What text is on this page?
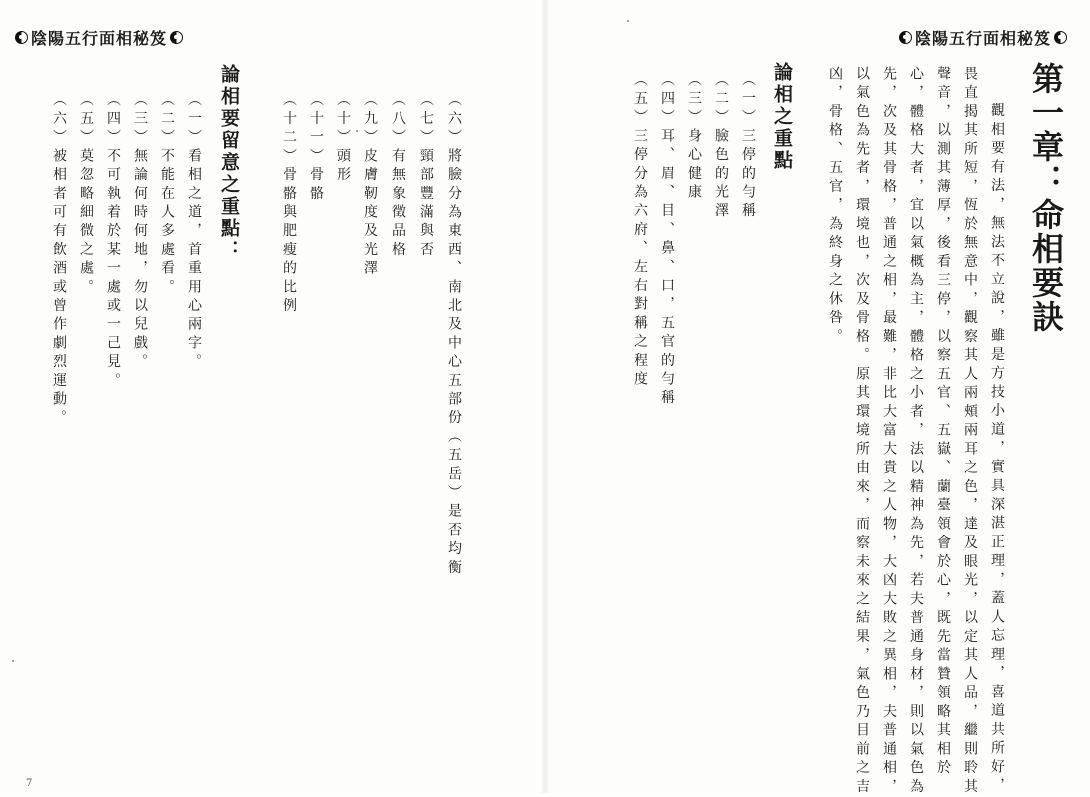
陰陽五行面相秘笈	陰陽五行面相秘笈
（六）將臉分為東西、南北及中心五部份（五岳）是否均衡
（七）頸部豐滿與否
（八）有無象徵品格
（九）皮膚靭度及光澤
（十）頭形
（十一）骨骼
（十二）骨骼與肥瘦的比例
論相要留意之重點：
（一）看相之道，首重用心兩字。
（二）不能在人多處看。
（三）無論何時何地，勿以兒戲。
（四）不可執着於某一處或一己見。
（五）莫忽略細微之處。
（六）被相者可有飲酒或曾作劇烈運動。
7
第一章：命相要訣
　觀相要有法，無法不立說，雖是方技小道，實具深湛正理，蓋人忘理，喜道共所好，
畏直揭其所短，恆於無意中，觀察其人兩頰兩耳之色，達及眼光，以定其人品，繼則聆其
聲音，以測其薄厚，後看三停，以察五官、五嶽、蘭臺領會於心，既先當贊領略其相於
心，體格大者，宜以氣概為主，體格之小者，法以精神為先，若夫普通身材，則以氣色為
先，次及其骨格，普通之相，最難，非比大富大貴之人物，大凶大敗之異相，夫普通相，
以氣色為先者，環境也，次及骨格。原其環境所由來，而察未來之結果，氣色乃目前之吉
凶，骨格、五官，為終身之休咎。
論相之重點
（一）三停的勻稱
（二）臉色的光澤
（三）身心健康
（四）耳、眉、目、鼻、口，五官的勻稱
（五）三停分為六府、左右對稱之程度
